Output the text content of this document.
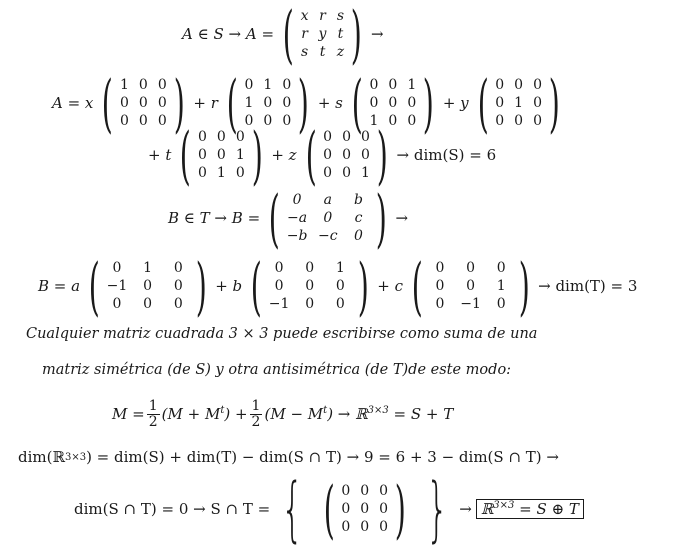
A ∈ S → A = ( x r s
r y t
s t z ) →
A = x ( 1 0 0
0 0 0
0 0 0 ) + r ( 0 1 0
1 0 0
0 0 0 ) + s ( 0 0 1
0 0 0
1 0 0 ) + y ( 0 0 0
0 1 0
0 0 0 )
+ t ( 0 0 0
0 0 1
0 1 0 ) + z ( 0 0 0
0 0 0
0 0 1 ) → dim(S) = 6
B ∈ T → B = ( 0	a	b
−a	0	c
−b −c	0 ) →
B = a ( 0	1	0
−1	0	0
0	0	0 ) + b ( 0	0	1
0	0	0
−1	0	0 ) + c ( 0	0	0
0	0	1
0	−1	0 ) → dim(T) = 3
Cualquier matriz cuadrada 3 × 3 puede escribirse como suma de una
matriz simétrica (de S) y otra antisimétrica (de T)de este modo:
$M = \frac{1}{2} (M + M^t) + \frac{1}{2} (M - M^t)$ → ℝ$^{3\times 3}$ = S + T
dim(ℝ 3×3 ) = dim(S) + dim(T) − dim(S ∩ T) → 9 = 6 + 3 − dim(S ∩ T) →
dim(S ∩ T) = 0 → S ∩ T = { ( 0 0 0
0 0 0
0 0 0 ) } → ℝ$^{3\times 3}$ = S ⊕ T
